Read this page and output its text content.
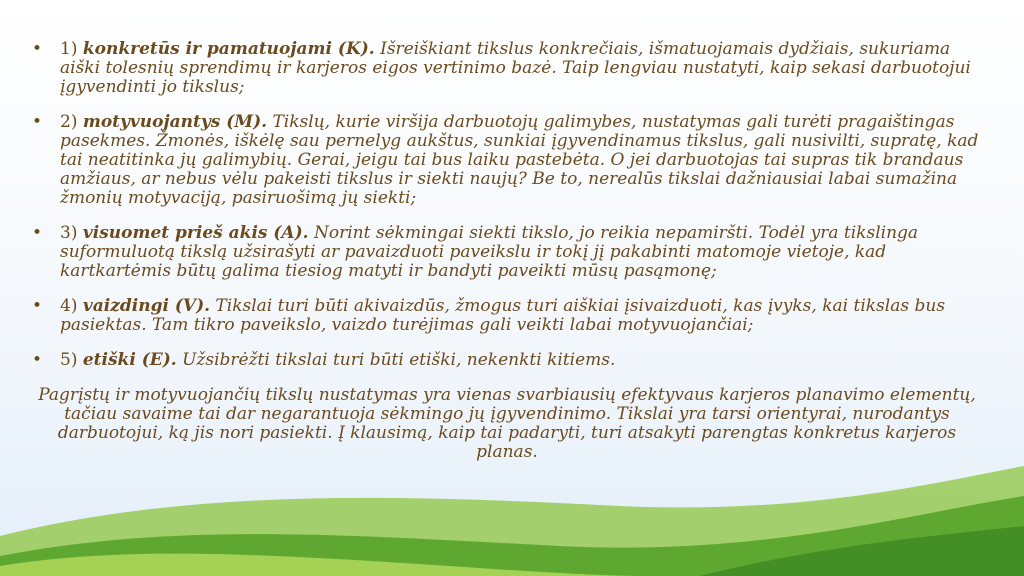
• 1) konkretūs ir pamatuojami (K). Išreiškiant tikslus konkrečiais, išmatuojamais dydžiais, sukuriama aiški tolesnių sprendimų ir karjeros eigos vertinimo bazė. Taip lengviau nustatyti, kaip sekasi darbuotojui įgyvendinti jo tikslus;
• 2) motyvuojantys (M). Tikslų, kurie viršija darbuotojų galimybes, nustatymas gali turėti pragaištingas pasekmes. Žmonės, iškėlę sau pernelyg aukštus, sunkiai įgyvendinamus tikslus, gali nusivilti, supratę, kad tai neatitinka jų galimybių. Gerai, jeigu tai bus laiku pastebėta. O jei darbuotojas tai supras tik brandaus amžiaus, ar nebus vėlu pakeisti tikslus ir siekti naujų? Be to, nerealūs tikslai dažniausiai labai sumažina žmonių motyvaciją, pasiruošimą jų siekti;
• 3) visuomet prieš akis (A). Norint sėkmingai siekti tikslo, jo reikia nepamiršti. Todėl yra tikslinga suformuluotą tikslą užsirašyti ar pavaizduoti paveikslu ir tokį jį pakabinti matomoje vietoje, kad kartkartėmis būtų galima tiesiog matyti ir bandyti paveikti mūsų pasąmonę;
• 4) vaizdingi (V). Tikslai turi būti akivaizdūs, žmogus turi aiškiai įsivaizduoti, kas įvyks, kai tikslas bus pasiektas. Tam tikro paveikslo, vaizdo turėjimas gali veikti labai motyvuojančiai;
• 5) etiški (E). Užsibrėžti tikslai turi būti etiški, nekenkti kitiems.

Pagrįstų ir motyvuojančių tikslų nustatymas yra vienas svarbiausių efektyvaus karjeros planavimo elementų, tačiau savaime tai dar negarantuoja sėkmingo jų įgyvendinimo. Tikslai yra tarsi orientyrai, nurodantys darbuotojui, ką jis nori pasiekti. Į klausimą, kaip tai padaryti, turi atsakyti parengtas konkretus karjeros planas.
